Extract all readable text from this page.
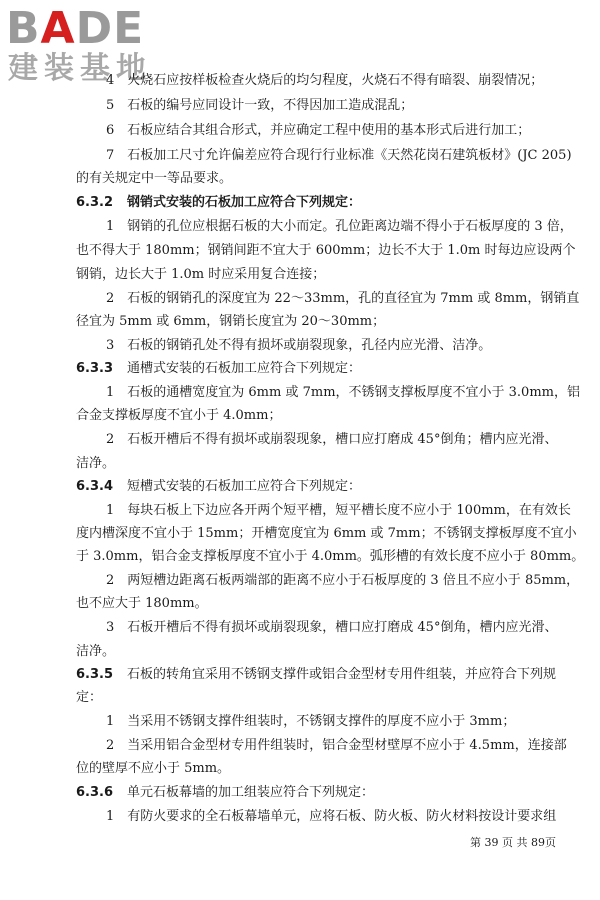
BADE
建装基地
4　火烧石应按样板检查火烧后的均匀程度，火烧石不得有暗裂、崩裂情况；
5　石板的编号应同设计一致，不得因加工造成混乱；
6　石板应结合其组合形式，并应确定工程中使用的基本形式后进行加工；
7　石板加工尺寸允许偏差应符合现行行业标准《天然花岗石建筑板材》(JC 205)
的有关规定中一等品要求。
6.3.2 钢销式安装的石板加工应符合下列规定：
1　钢销的孔位应根据石板的大小而定。孔位距离边端不得小于石板厚度的 3 倍，
也不得大于 180mm；钢销间距不宜大于 600mm；边长不大于 1.0m 时每边应设两个
钢销，边长大于 1.0m 时应采用复合连接；
2　石板的钢销孔的深度宜为 22～33mm，孔的直径宜为 7mm 或 8mm，钢销直
径宜为 5mm 或 6mm，钢销长度宜为 20～30mm；
3　石板的钢销孔处不得有损坏或崩裂现象，孔径内应光滑、洁净。
6.3.3 通槽式安装的石板加工应符合下列规定：
1　石板的通槽宽度宜为 6mm 或 7mm，不锈钢支撑板厚度不宜小于 3.0mm，铝
合金支撑板厚度不宜小于 4.0mm；
2　石板开槽后不得有损坏或崩裂现象，槽口应打磨成 45°倒角；槽内应光滑、
洁净。
6.3.4 短槽式安装的石板加工应符合下列规定：
1　每块石板上下边应各开两个短平槽，短平槽长度不应小于 100mm，在有效长
度内槽深度不宜小于 15mm；开槽宽度宜为 6mm 或 7mm；不锈钢支撑板厚度不宜小
于 3.0mm，铝合金支撑板厚度不宜小于 4.0mm。弧形槽的有效长度不应小于 80mm。
2　两短槽边距离石板两端部的距离不应小于石板厚度的 3 倍且不应小于 85mm，
也不应大于 180mm。
3　石板开槽后不得有损坏或崩裂现象，槽口应打磨成 45°倒角，槽内应光滑、
洁净。
6.3.5 石板的转角宜采用不锈钢支撑件或铝合金型材专用件组装，并应符合下列规
定：
1　当采用不锈钢支撑件组装时，不锈钢支撑件的厚度不应小于 3mm；
2　当采用铝合金型材专用件组装时，铝合金型材壁厚不应小于 4.5mm，连接部
位的壁厚不应小于 5mm。
6.3.6 单元石板幕墙的加工组装应符合下列规定：
1　有防火要求的全石板幕墙单元，应将石板、防火板、防火材料按设计要求组
第 39 页 共 89页
